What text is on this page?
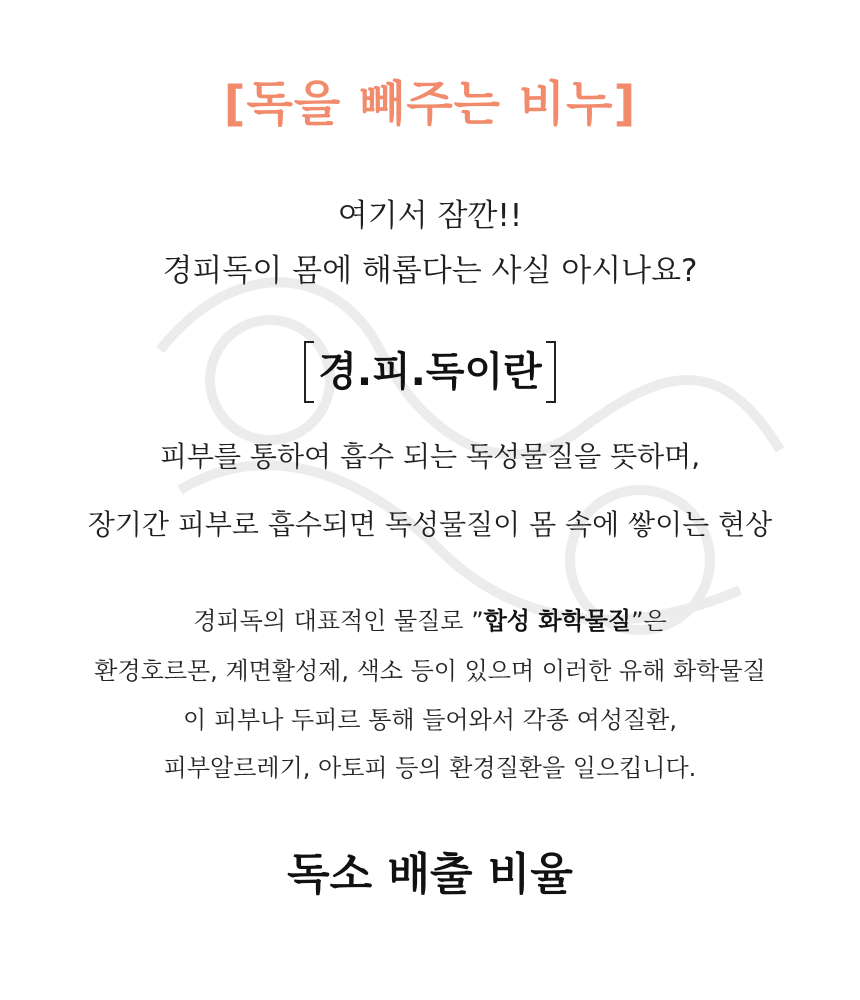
[독을 빼주는 비누]
여기서 잠깐!!
경피독이 몸에 해롭다는 사실 아시나요?
경.피.독이란
피부를 통하여 흡수 되는 독성물질을 뜻하며,
장기간 피부로 흡수되면 독성물질이 몸 속에 쌓이는 현상
경피독의 대표적인 물질로 ”합성 화학물질”은
환경호르몬, 계면활성제, 색소 등이 있으며 이러한 유해 화학물질
이 피부나 두피르 통해 들어와서 각종 여성질환,
피부알르레기, 아토피 등의 환경질환을 일으킵니다.
독소 배출 비율
